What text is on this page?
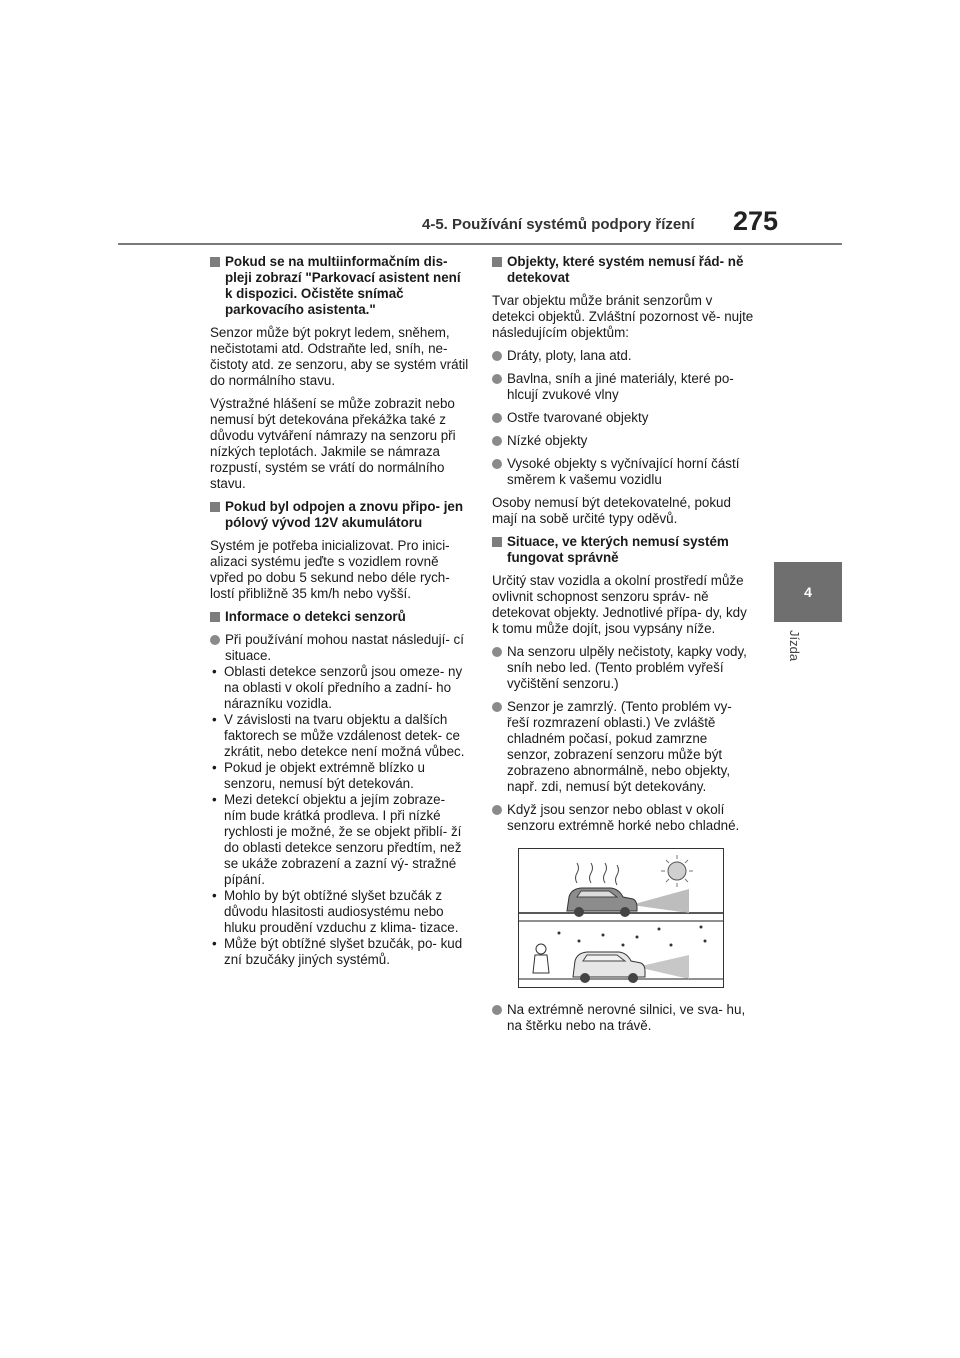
4-5. Používání systémů podpory řízení 275
4
Jízda
Pokud se na multiinformačním dis- pleji zobrazí "Parkovací asistent není k dispozici. Očistěte snímač parkovacího asistenta."

Senzor může být pokryt ledem, sněhem, nečistotami atd. Odstraňte led, sníh, ne- čistoty atd. ze senzoru, aby se systém vrátil do normálního stavu.

Výstražné hlášení se může zobrazit nebo nemusí být detekována překážka také z důvodu vytváření námrazy na senzoru při nízkých teplotách. Jakmile se námraza rozpustí, systém se vrátí do normálního stavu.

Pokud byl odpojen a znovu připo- jen pólový vývod 12V akumulátoru

Systém je potřeba inicializovat. Pro inici- alizaci systému jeďte s vozidlem rovně vpřed po dobu 5 sekund nebo déle rych- lostí přibližně 35 km/h nebo vyšší.

Informace o detekci senzorů
Při používání mohou nastat následují- cí situace.
• Oblasti detekce senzorů jsou omeze- ny na oblasti v okolí předního a zadní- ho nárazníku vozidla.
• V závislosti na tvaru objektu a dalších faktorech se může vzdálenost detek- ce zkrátit, nebo detekce není možná vůbec.
• Pokud je objekt extrémně blízko u senzoru, nemusí být detekován.
• Mezi detekcí objektu a jejím zobraze- ním bude krátká prodleva. I při nízké rychlosti je možné, že se objekt přiblí- ží do oblasti detekce senzoru předtím, než se ukáže zobrazení a zazní vý- stražné pípání.
• Mohlo by být obtížné slyšet bzučák z důvodu hlasitosti audiosystému nebo hluku proudění vzduchu z klima- tizace.
• Může být obtížné slyšet bzučák, po- kud zní bzučáky jiných systémů.
Objekty, které systém nemusí řád- ně detekovat

Tvar objektu může bránit senzorům v detekci objektů. Zvláštní pozornost vě- nujte následujícím objektům:

Dráty, ploty, lana atd.
Bavlna, sníh a jiné materiály, které po- hlcují zvukové vlny
Ostře tvarované objekty
Nízké objekty
Vysoké objekty s vyčnívající horní částí směrem k vašemu vozidlu

Osoby nemusí být detekovatelné, pokud mají na sobě určité typy oděvů.

Situace, ve kterých nemusí systém fungovat správně

Určitý stav vozidla a okolní prostředí může ovlivnit schopnost senzoru správ- ně detekovat objekty. Jednotlivé přípa- dy, kdy k tomu může dojít, jsou vypsány níže.

Na senzoru ulpěly nečistoty, kapky vody, sníh nebo led. (Tento problém vyřeší vyčištění senzoru.)
Senzor je zamrzlý. (Tento problém vy- řeší rozmrazení oblasti.) Ve zvláště chladném počasí, pokud zamrzne senzor, zobrazení senzoru může být zobrazeno abnormálně, nebo objekty, např. zdi, nemusí být detekovány.
Když jsou senzor nebo oblast v okolí senzoru extrémně horké nebo chladné.
Na extrémně nerovné silnici, ve sva- hu, na štěrku nebo na trávě.
